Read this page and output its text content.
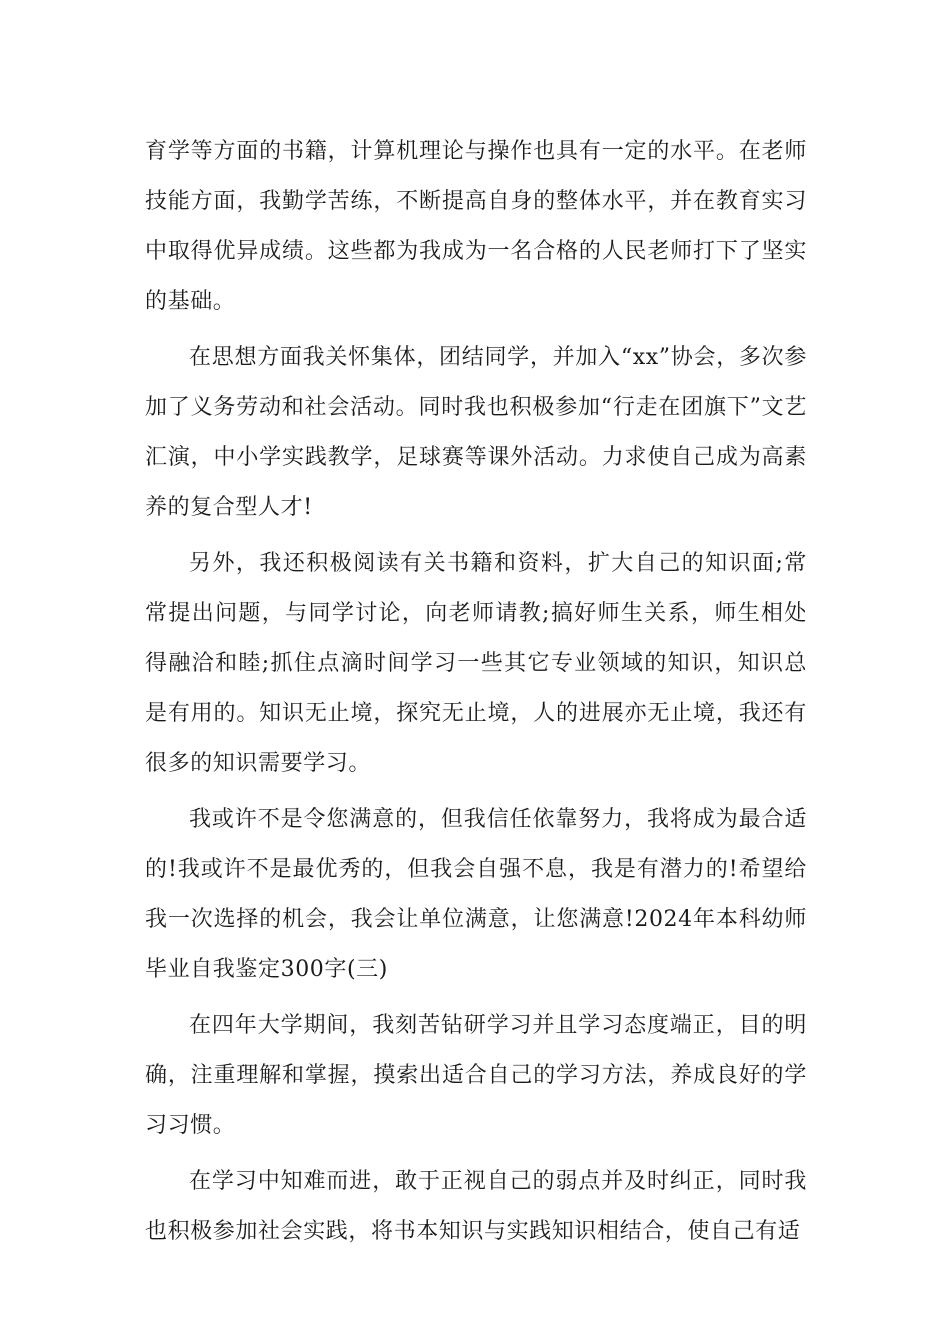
育学等方面的书籍，计算机理论与操作也具有一定的水平。在老师技能方面，我勤学苦练，不断提高自身的整体水平，并在教育实习中取得优异成绩。这些都为我成为一名合格的人民老师打下了坚实的基础。

在思想方面我关怀集体，团结同学，并加入“xx”协会，多次参加了义务劳动和社会活动。同时我也积极参加“行走在团旗下”文艺汇演，中小学实践教学，足球赛等课外活动。力求使自己成为高素养的复合型人才!

另外，我还积极阅读有关书籍和资料，扩大自己的知识面;常常提出问题，与同学讨论，向老师请教;搞好师生关系，师生相处得融洽和睦;抓住点滴时间学习一些其它专业领域的知识，知识总是有用的。知识无止境，探究无止境，人的进展亦无止境，我还有很多的知识需要学习。

我或许不是令您满意的，但我信任依靠努力，我将成为最合适的!我或许不是最优秀的，但我会自强不息，我是有潜力的!希望给我一次选择的机会，我会让单位满意，让您满意!2024年本科幼师毕业自我鉴定300字(三)

在四年大学期间，我刻苦钻研学习并且学习态度端正，目的明确，注重理解和掌握，摸索出适合自己的学习方法，养成良好的学习习惯。

在学习中知难而进，敢于正视自己的弱点并及时纠正，同时我也积极参加社会实践，将书本知识与实践知识相结合，使自己有适
